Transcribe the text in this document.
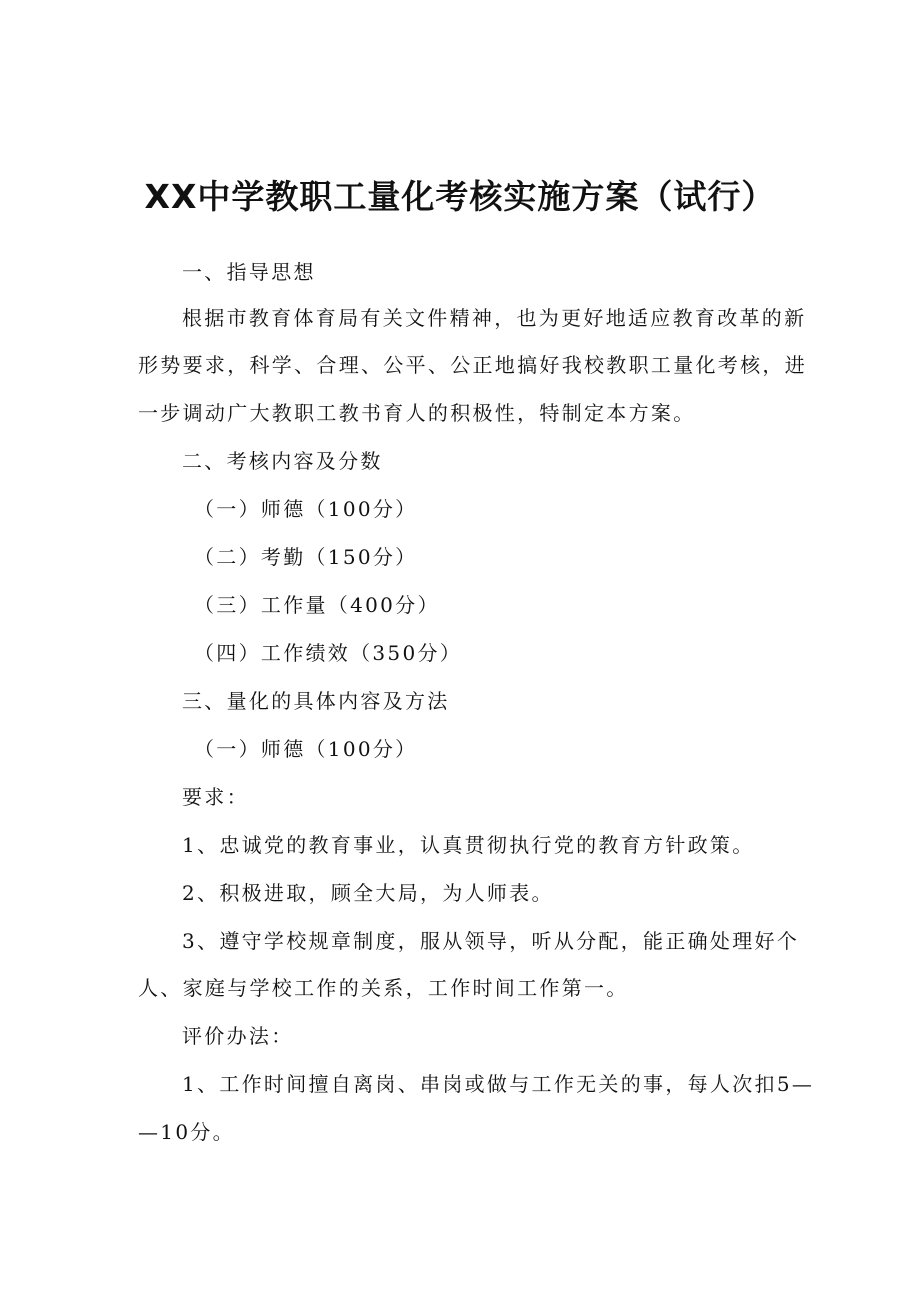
XX中学教职工量化考核实施方案（试行）
一、指导思想
根据市教育体育局有关文件精神，也为更好地适应教育改革的新
形势要求，科学、合理、公平、公正地搞好我校教职工量化考核，进
一步调动广大教职工教书育人的积极性，特制定本方案。
二、考核内容及分数
（一）师德（100分）
（二）考勤（150分）
（三）工作量（400分）
（四）工作绩效（350分）
三、量化的具体内容及方法
（一）师德（100分）
要求：
1、忠诚党的教育事业，认真贯彻执行党的教育方针政策。
2、积极进取，顾全大局，为人师表。
3、遵守学校规章制度，服从领导，听从分配，能正确处理好个
人、家庭与学校工作的关系，工作时间工作第一。
评价办法：
1、工作时间擅自离岗、串岗或做与工作无关的事，每人次扣5—
—10分。
